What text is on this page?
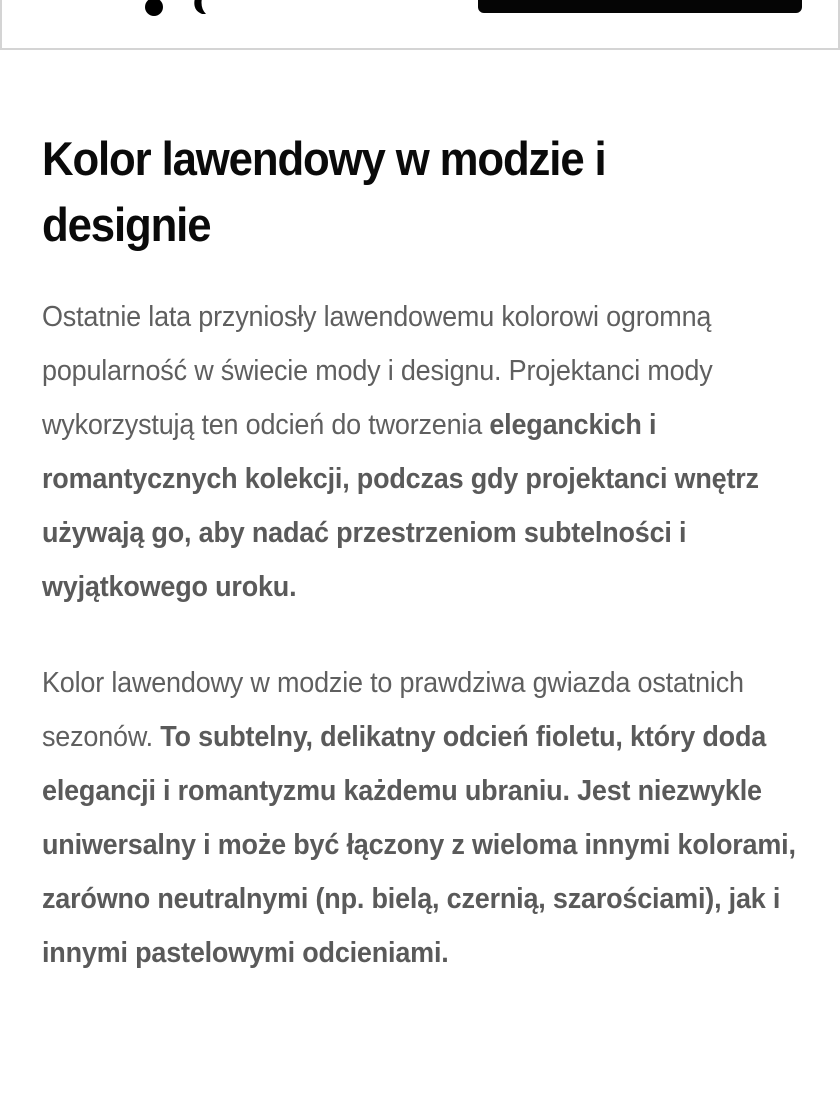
Kolor lawendowy w modzie i designie

Ostatnie lata przyniosły lawendowemu kolorowi ogromną popularność w świecie mody i designu. Projektanci mody wykorzystują ten odcień do tworzenia eleganckich i romantycznych kolekcji, podczas gdy projektanci wnętrz używają go, aby nadać przestrzeniom subtelności i wyjątkowego uroku.

Kolor lawendowy w modzie to prawdziwa gwiazda ostatnich sezonów. To subtelny, delikatny odcień fioletu, który doda elegancji i romantyzmu każdemu ubraniu. Jest niezwykle uniwersalny i może być łączony z wieloma innymi kolorami, zarówno neutralnymi (np. bielą, czernią, szarościami), jak i innymi pastelowymi odcieniami.
